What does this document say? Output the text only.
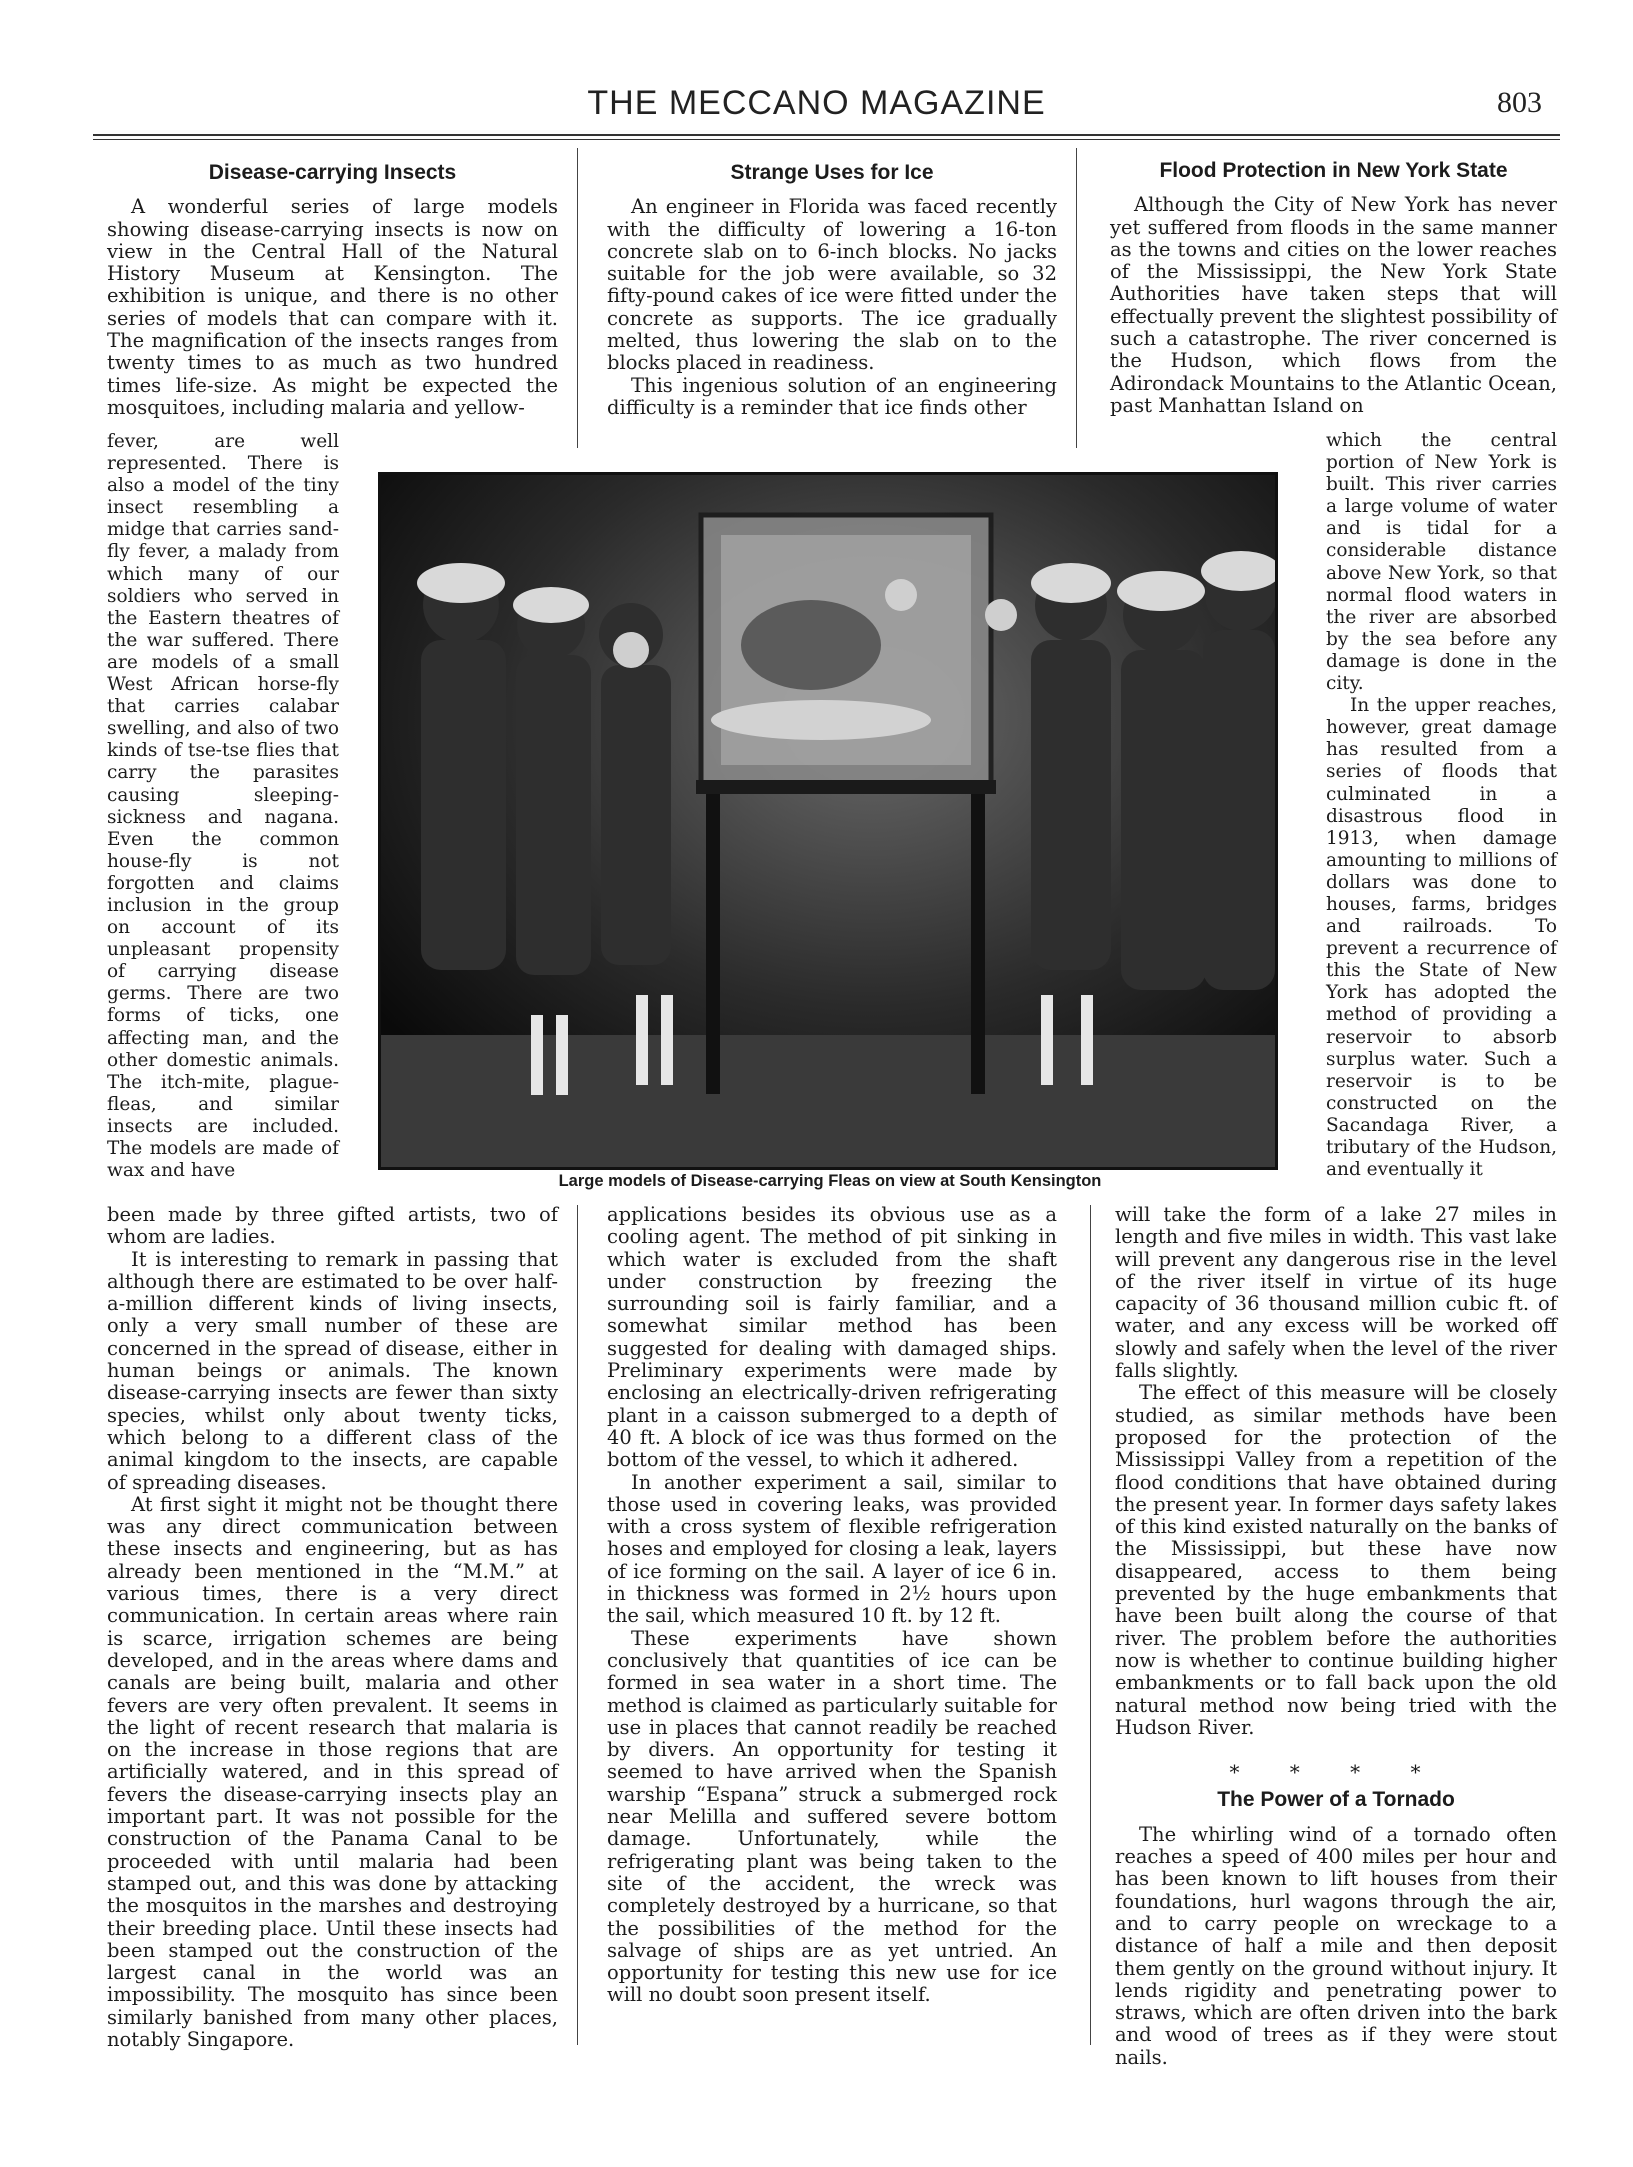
THE MECCANO MAGAZINE	803
Disease-carrying Insects

A wonderful series of large models showing disease-carrying insects is now on view in the Central Hall of the Natural History Museum at Kensington. The exhibition is unique, and there is no other series of models that can compare with it. The magnification of the insects ranges from twenty times to as much as two hundred times life-size. As might be expected the mosquitoes, including malaria and yellow-

fever, are well represented. There is also a model of the tiny insect resembling a midge that carries sand-fly fever, a malady from which many of our soldiers who served in the Eastern theatres of the war suffered. There are models of a small West African horse-fly that carries calabar swelling, and also of two kinds of tse-tse flies that carry the parasites causing sleeping-sickness and nagana. Even the common house-fly is not forgotten and claims inclusion in the group on account of its unpleasant propensity of carrying disease germs. There are two forms of ticks, one affecting man, and the other domestic animals. The itch-mite, plague-fleas, and similar insects are included. The models are made of wax and have

been made by three gifted artists, two of whom are ladies.

It is interesting to remark in passing that although there are estimated to be over half-a-million different kinds of living insects, only a very small number of these are concerned in the spread of disease, either in human beings or animals. The known disease-carrying insects are fewer than sixty species, whilst only about twenty ticks, which belong to a different class of the animal kingdom to the insects, are capable of spreading diseases.

At first sight it might not be thought there was any direct communication between these insects and engineering, but as has already been mentioned in the “M.M.” at various times, there is a very direct communication. In certain areas where rain is scarce, irrigation schemes are being developed, and in the areas where dams and canals are being built, malaria and other fevers are very often prevalent. It seems in the light of recent research that malaria is on the increase in those regions that are artificially watered, and in this spread of fevers the disease-carrying insects play an important part. It was not possible for the construction of the Panama Canal to be proceeded with until malaria had been stamped out, and this was done by attacking the mosquitos in the marshes and destroying their breeding place. Until these insects had been stamped out the construction of the largest canal in the world was an impossibility. The mosquito has since been similarly banished from many other places, notably Singapore.

Strange Uses for Ice

An engineer in Florida was faced recently with the difficulty of lowering a 16-ton concrete slab on to 6-inch blocks. No jacks suitable for the job were available, so 32 fifty-pound cakes of ice were fitted under the concrete as supports. The ice gradually melted, thus lowering the slab on to the blocks placed in readiness.

This ingenious solution of an engineering difficulty is a reminder that ice finds other

applications besides its obvious use as a cooling agent. The method of pit sinking in which water is excluded from the shaft under construction by freezing the surrounding soil is fairly familiar, and a somewhat similar method has been suggested for dealing with damaged ships. Preliminary experiments were made by enclosing an electrically-driven refrigerating plant in a caisson submerged to a depth of 40 ft. A block of ice was thus formed on the bottom of the vessel, to which it adhered.

In another experiment a sail, similar to those used in covering leaks, was provided with a cross system of flexible refrigeration hoses and employed for closing a leak, layers of ice forming on the sail. A layer of ice 6 in. in thickness was formed in 2½ hours upon the sail, which measured 10 ft. by 12 ft.

These experiments have shown conclusively that quantities of ice can be formed in sea water in a short time. The method is claimed as particularly suitable for use in places that cannot readily be reached by divers. An opportunity for testing it seemed to have arrived when the Spanish warship “Espana” struck a submerged rock near Melilla and suffered severe bottom damage. Unfortunately, while the refrigerating plant was being taken to the site of the accident, the wreck was completely destroyed by a hurricane, so that the possibilities of the method for the salvage of ships are as yet untried. An opportunity for testing this new use for ice will no doubt soon present itself.

Flood Protection in New York State

Although the City of New York has never yet suffered from floods in the same manner as the towns and cities on the lower reaches of the Mississippi, the New York State Authorities have taken steps that will effectually prevent the slightest possibility of such a catastrophe. The river concerned is the Hudson, which flows from the Adirondack Mountains to the Atlantic Ocean, past Manhattan Island on

which the central portion of New York is built. This river carries a large volume of water and is tidal for a considerable distance above New York, so that normal flood waters in the river are absorbed by the sea before any damage is done in the city.

In the upper reaches, however, great damage has resulted from a series of floods that culminated in a disastrous flood in 1913, when damage amounting to millions of dollars was done to houses, farms, bridges and railroads. To prevent a recurrence of this the State of New York has adopted the method of providing a reservoir to absorb surplus water. Such a reservoir is to be constructed on the Sacandaga River, a tributary of the Hudson, and eventually it

will take the form of a lake 27 miles in length and five miles in width. This vast lake will prevent any dangerous rise in the level of the river itself in virtue of its huge capacity of 36 thousand million cubic ft. of water, and any excess will be worked off slowly and safely when the level of the river falls slightly.

The effect of this measure will be closely studied, as similar methods have been proposed for the protection of the Mississippi Valley from a repetition of the flood conditions that have obtained during the present year. In former days safety lakes of this kind existed naturally on the banks of the Mississippi, but these have now disappeared, access to them being prevented by the huge embankments that have been built along the course of that river. The problem before the authorities now is whether to continue building higher embankments or to fall back upon the old natural method now being tried with the Hudson River.

* * * *
The Power of a Tornado

The whirling wind of a tornado often reaches a speed of 400 miles per hour and has been known to lift houses from their foundations, hurl wagons through the air, and to carry people on wreckage to a distance of half a mile and then deposit them gently on the ground without injury. It lends rigidity and penetrating power to straws, which are often driven into the bark and wood of trees as if they were stout nails.

Large models of Disease-carrying Fleas on view at South Kensington
